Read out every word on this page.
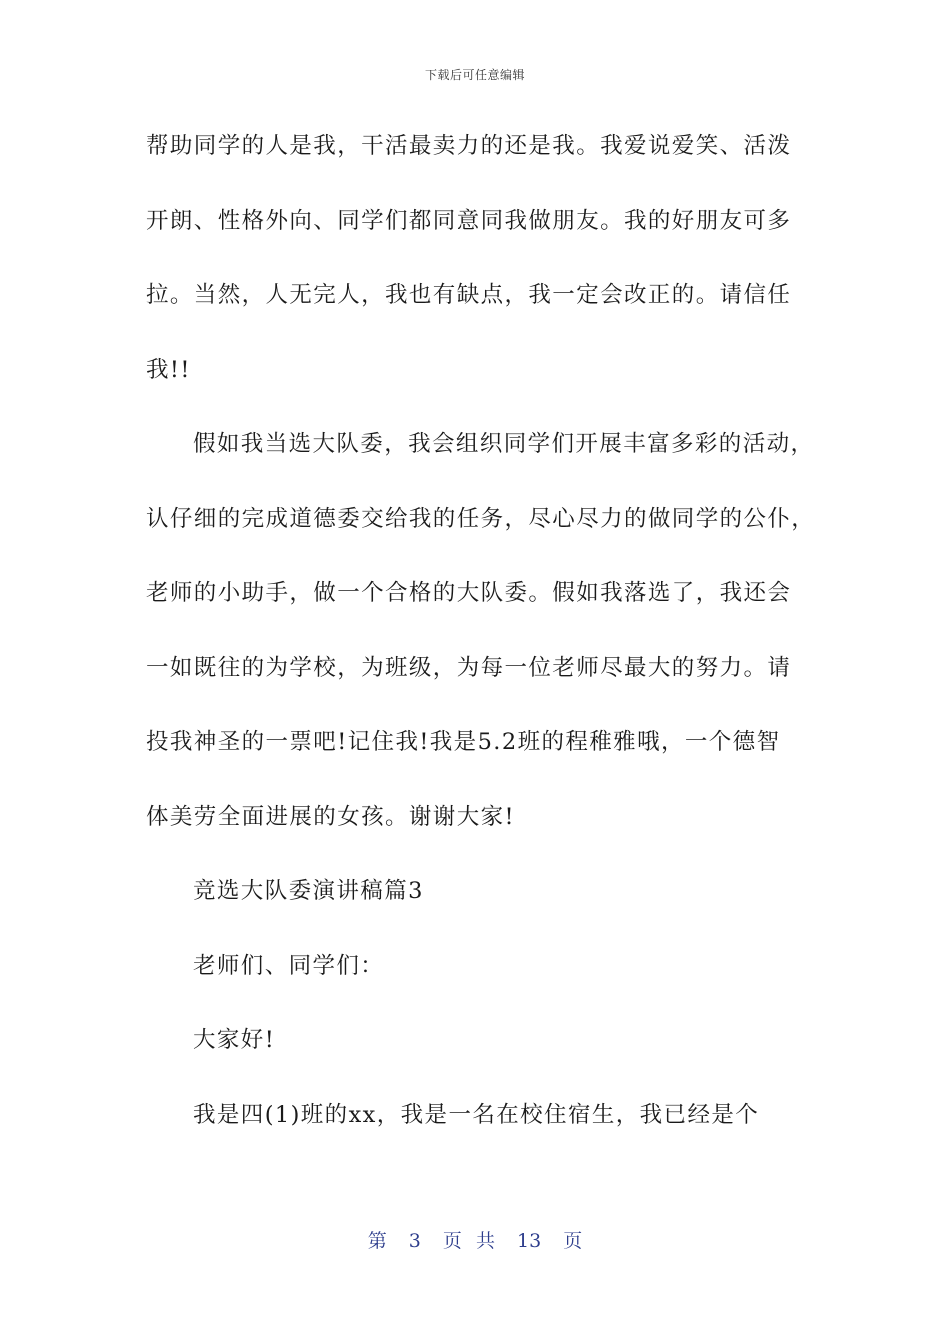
下载后可任意编辑
帮助同学的人是我，干活最卖力的还是我。我爱说爱笑、活泼
开朗、性格外向、同学们都同意同我做朋友。我的好朋友可多
拉。当然，人无完人，我也有缺点，我一定会改正的。请信任
我!!
假如我当选大队委，我会组织同学们开展丰富多彩的活动，
认仔细的完成道德委交给我的任务，尽心尽力的做同学的公仆，
老师的小助手，做一个合格的大队委。假如我落选了，我还会
一如既往的为学校，为班级，为每一位老师尽最大的努力。请
投我神圣的一票吧!记住我!我是5.2班的程稚雅哦，一个德智
体美劳全面进展的女孩。谢谢大家!
竞选大队委演讲稿篇3
老师们、同学们：
大家好!
我是四(1)班的xx，我是一名在校住宿生，我已经是个
第 3 页 共 13 页
